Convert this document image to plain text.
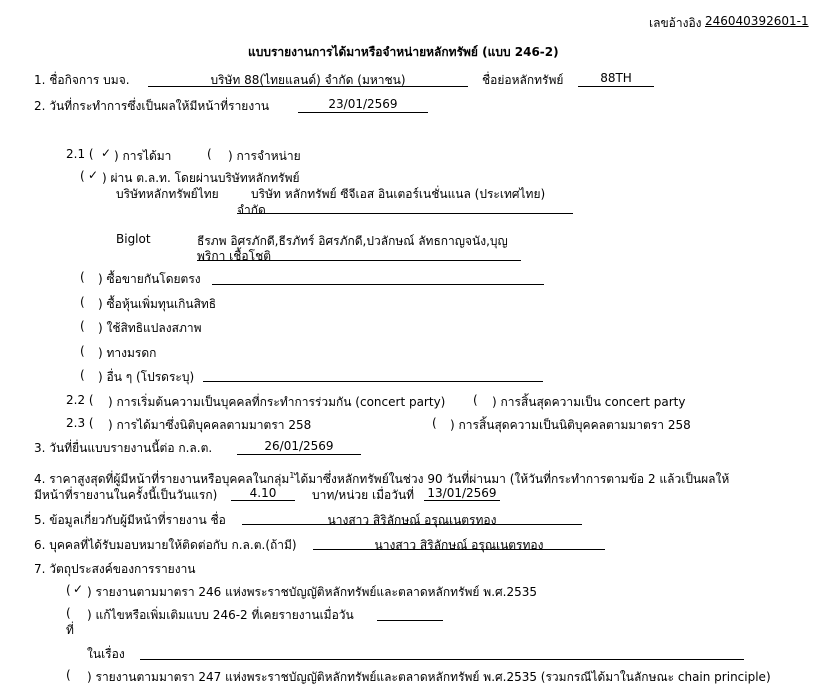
เลขอ้างอิง 246040392601-1
แบบรายงานการได้มาหรือจำหน่ายหลักทรัพย์ (แบบ 246-2)
1. ชื่อกิจการ บมจ.	บริษัท 88(ไทยแลนด์) จำกัด (มหาชน)	ชื่อย่อหลักทรัพย์	88TH
2. วันที่กระทำการซึ่งเป็นผลให้มีหน้าที่รายงาน	23/01/2569
2.1 ( ✓ ) การได้มา	( ) การจำหน่าย
( ✓ ) ผ่าน ต.ล.ท. โดยผ่านบริษัทหลักทรัพย์
บริษัทหลักทรัพย์ไทย	บริษัท หลักทรัพย์ ซีจีเอส อินเตอร์เนชั่นแนล (ประเทศไทย)
จำกัด
Biglot	ธีรภพ อิศรภักดี,ธีรภัทร์ อิศรภักดี,ปวลักษณ์ ลัทธกาญจนัง,บุญ
พริกา เชื้อโชติ
( ) ซื้อขายกันโดยตรง
( ) ซื้อหุ้นเพิ่มทุนเกินสิทธิ
( ) ใช้สิทธิแปลงสภาพ
( ) ทางมรดก
( ) อื่น ๆ (โปรดระบุ)
2.2 ( ) การเริ่มต้นความเป็นบุคคลที่กระทำการร่วมกัน (concert party) ( ) การสิ้นสุดความเป็น concert party
2.3 ( ) การได้มาซึ่งนิติบุคคลตามมาตรา 258	( ) การสิ้นสุดความเป็นนิติบุคคลตามมาตรา 258
3. วันที่ยื่นแบบรายงานนี้ต่อ ก.ล.ต.	26/01/2569
4. ราคาสูงสุดที่ผู้มีหน้าที่รายงานหรือบุคคลในกลุ่ม$^1$ได้มาซึ่งหลักทรัพย์ในช่วง 90 วันที่ผ่านมา (ให้วันที่กระทำการตามข้อ 2 แล้วเป็นผลให้
มีหน้าที่รายงานในครั้งนี้เป็นวันแรก)	4.10	บาท/หน่วย เมื่อวันที่ 13/01/2569
5. ข้อมูลเกี่ยวกับผู้มีหน้าที่รายงาน ชื่อ	นางสาว สิริลักษณ์ อรุณเนตรทอง
6. บุคคลที่ได้รับมอบหมายให้ติดต่อกับ ก.ล.ต.(ถ้ามี)	นางสาว สิริลักษณ์ อรุณเนตรทอง
7. วัตถุประสงค์ของการรายงาน
( ✓ ) รายงานตามมาตรา 246 แห่งพระราชบัญญัติหลักทรัพย์และตลาดหลักทรัพย์ พ.ศ.2535
( ) แก้ไขหรือเพิ่มเติมแบบ 246-2 ที่เคยรายงานเมื่อวัน
ที่
ในเรื่อง
( ) รายงานตามมาตรา 247 แห่งพระราชบัญญัติหลักทรัพย์และตลาดหลักทรัพย์ พ.ศ.2535 (รวมกรณีได้มาในลักษณะ chain principle)
